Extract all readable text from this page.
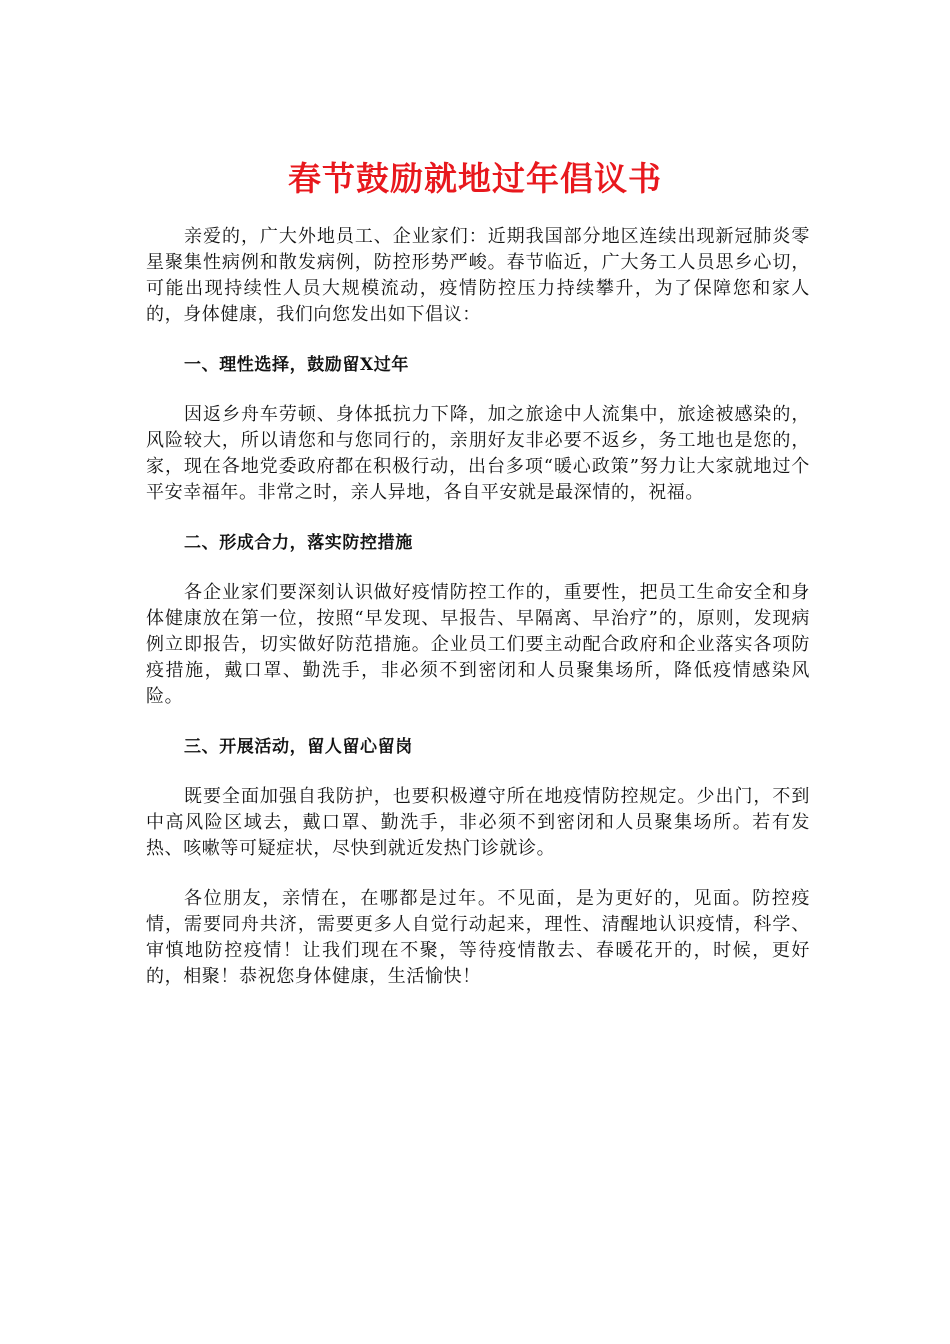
春节鼓励就地过年倡议书

亲爱的，广大外地员工、企业家们：近期我国部分地区连续出现新冠肺炎零星聚集性病例和散发病例，防控形势严峻。春节临近，广大务工人员思乡心切，可能出现持续性人员大规模流动，疫情防控压力持续攀升，为了保障您和家人的，身体健康，我们向您发出如下倡议：

一、理性选择，鼓励留X过年

因返乡舟车劳顿、身体抵抗力下降，加之旅途中人流集中，旅途被感染的，风险较大，所以请您和与您同行的，亲朋好友非必要不返乡，务工地也是您的，家，现在各地党委政府都在积极行动，出台多项“暖心政策”努力让大家就地过个平安幸福年。非常之时，亲人异地，各自平安就是最深情的，祝福。

二、形成合力，落实防控措施

各企业家们要深刻认识做好疫情防控工作的，重要性，把员工生命安全和身体健康放在第一位，按照“早发现、早报告、早隔离、早治疗”的，原则，发现病例立即报告，切实做好防范措施。企业员工们要主动配合政府和企业落实各项防疫措施，戴口罩、勤洗手，非必须不到密闭和人员聚集场所，降低疫情感染风险。

三、开展活动，留人留心留岗

既要全面加强自我防护，也要积极遵守所在地疫情防控规定。少出门，不到中高风险区域去，戴口罩、勤洗手，非必须不到密闭和人员聚集场所。若有发热、咳嗽等可疑症状，尽快到就近发热门诊就诊。

各位朋友，亲情在，在哪都是过年。不见面，是为更好的，见面。防控疫情，需要同舟共济，需要更多人自觉行动起来，理性、清醒地认识疫情，科学、审慎地防控疫情！让我们现在不聚，等待疫情散去、春暖花开的，时候，更好的，相聚！恭祝您身体健康，生活愉快！
